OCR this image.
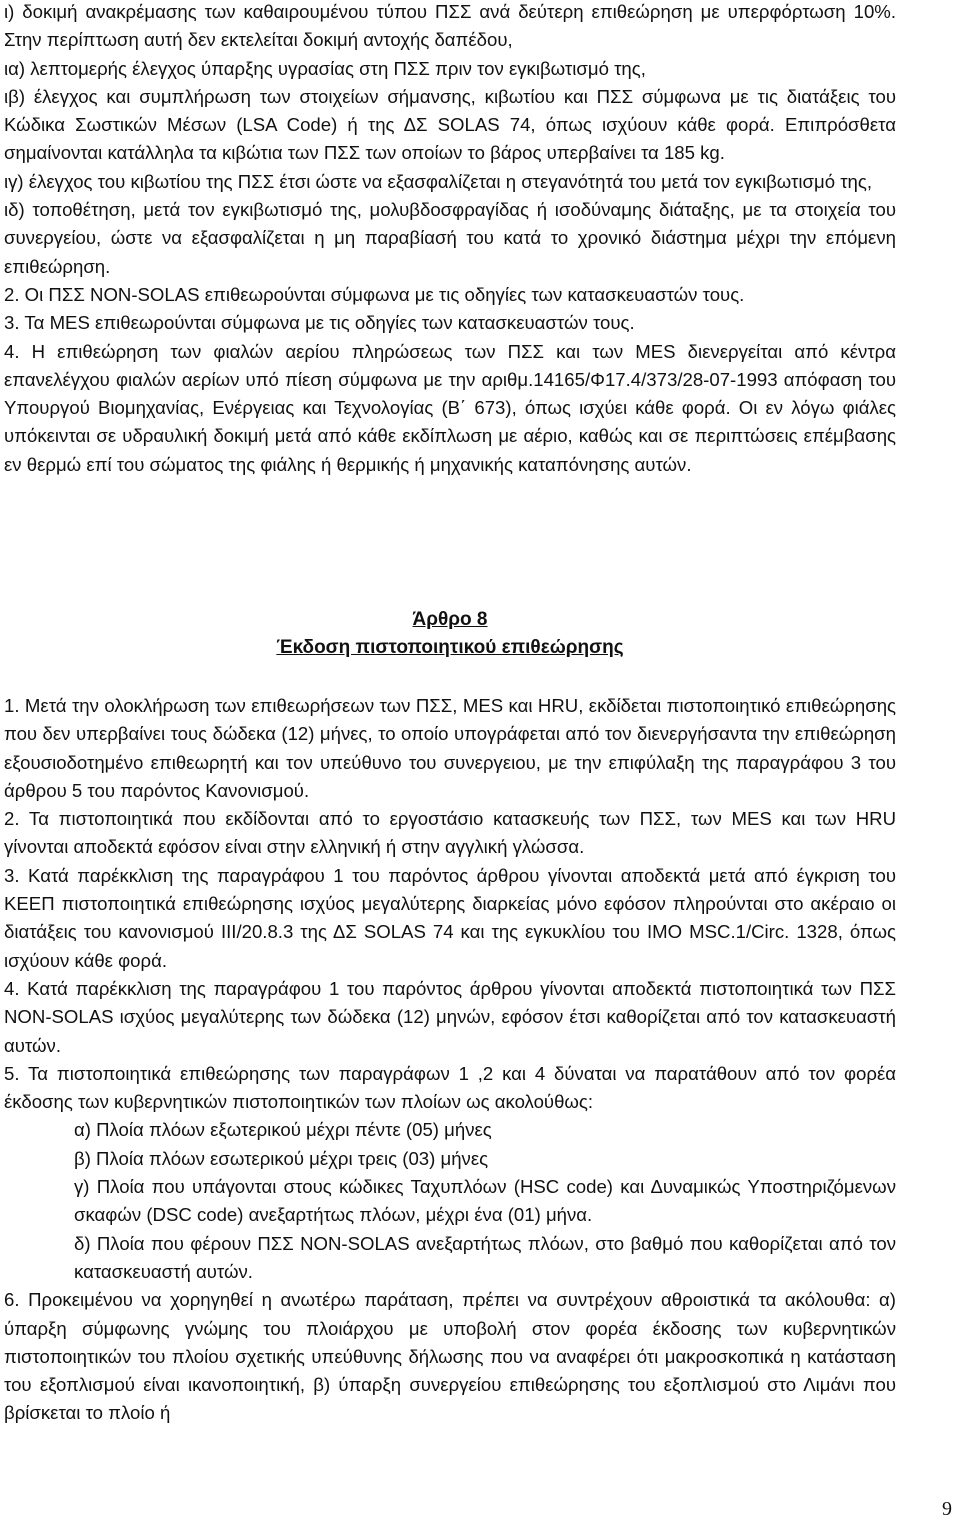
ι) δοκιμή ανακρέμασης των καθαιρουμένου τύπου ΠΣΣ ανά δεύτερη επιθεώρηση με υπερφόρτωση 10%. Στην περίπτωση αυτή δεν εκτελείται δοκιμή αντοχής δαπέδου,

ια) λεπτομερής έλεγχος ύπαρξης υγρασίας στη ΠΣΣ πριν τον εγκιβωτισμό της,

ιβ) έλεγχος και συμπλήρωση των στοιχείων σήμανσης, κιβωτίου και ΠΣΣ σύμφωνα με τις διατάξεις του Κώδικα Σωστικών Μέσων (LSA Code) ή της ΔΣ SOLAS 74, όπως ισχύουν κάθε φορά. Επιπρόσθετα σημαίνονται κατάλληλα τα κιβώτια των ΠΣΣ των οποίων το βάρος υπερβαίνει τα 185 kg.

ιγ) έλεγχος του κιβωτίου της ΠΣΣ έτσι ώστε να εξασφαλίζεται η στεγανότητά του μετά τον εγκιβωτισμό της,

ιδ) τοποθέτηση, μετά τον εγκιβωτισμό της, μολυβδοσφραγίδας ή ισοδύναμης διάταξης, με τα στοιχεία του συνεργείου, ώστε να εξασφαλίζεται η μη παραβίασή του κατά το χρονικό διάστημα μέχρι την επόμενη επιθεώρηση.

2. Οι ΠΣΣ NON-SOLAS επιθεωρούνται σύμφωνα με τις οδηγίες των κατασκευαστών τους.

3. Τα MES επιθεωρούνται σύμφωνα με τις οδηγίες των κατασκευαστών τους.

4. Η επιθεώρηση των φιαλών αερίου πληρώσεως των ΠΣΣ και των MES διενεργείται από κέντρα επανελέγχου φιαλών αερίων υπό πίεση σύμφωνα με την αριθμ.14165/Φ17.4/373/28-07-1993 απόφαση του Υπουργού Βιομηχανίας, Ενέργειας και Τεχνολογίας (Β΄ 673), όπως ισχύει κάθε φορά. Οι εν λόγω φιάλες υπόκεινται σε υδραυλική δοκιμή μετά από κάθε εκδίπλωση με αέριο, καθώς και σε περιπτώσεις επέμβασης εν θερμώ επί του σώματος της φιάλης ή θερμικής ή μηχανικής καταπόνησης αυτών.

Άρθρο 8

Έκδοση πιστοποιητικού επιθεώρησης

1. Μετά την ολοκλήρωση των επιθεωρήσεων των ΠΣΣ, MES και HRU, εκδίδεται πιστοποιητικό επιθεώρησης που δεν υπερβαίνει τους δώδεκα (12) μήνες, το οποίο υπογράφεται από τον διενεργήσαντα την επιθεώρηση εξουσιοδοτημένο επιθεωρητή και τον υπεύθυνο του συνεργειου, με την επιφύλαξη της παραγράφου 3 του άρθρου 5 του παρόντος Κανονισμού.

2. Τα πιστοποιητικά που εκδίδονται από το εργοστάσιο κατασκευής των ΠΣΣ, των MES και των HRU γίνονται αποδεκτά εφόσον είναι στην ελληνική ή στην αγγλική γλώσσα.

3. Κατά παρέκκλιση της παραγράφου 1 του παρόντος άρθρου γίνονται αποδεκτά μετά από έγκριση του ΚΕΕΠ πιστοποιητικά επιθεώρησης ισχύος μεγαλύτερης διαρκείας μόνο εφόσον πληρούνται στο ακέραιο οι διατάξεις του κανονισμού ΙΙΙ/20.8.3 της ΔΣ SOLAS 74 και της εγκυκλίου του IMO MSC.1/Circ. 1328, όπως ισχύουν κάθε φορά.

4. Κατά παρέκκλιση της παραγράφου 1 του παρόντος άρθρου γίνονται αποδεκτά πιστοποιητικά των ΠΣΣ NON-SOLAS ισχύος μεγαλύτερης των δώδεκα (12) μηνών, εφόσον έτσι καθορίζεται από τον κατασκευαστή αυτών.

5. Τα πιστοποιητικά επιθεώρησης των παραγράφων 1 ,2 και 4 δύναται να παρατάθουν από τον φορέα έκδοσης των κυβερνητικών πιστοποιητικών των πλοίων ως ακολούθως:

α) Πλοία πλόων εξωτερικού μέχρι πέντε (05) μήνες

β) Πλοία πλόων εσωτερικού μέχρι τρεις (03) μήνες

γ) Πλοία που υπάγονται στους κώδικες Ταχυπλόων (HSC code) και Δυναμικώς Υποστηριζόμενων σκαφών (DSC code) ανεξαρτήτως πλόων, μέχρι ένα (01) μήνα.

δ) Πλοία που φέρουν ΠΣΣ NON-SOLAS ανεξαρτήτως πλόων, στο βαθμό που καθορίζεται από τον κατασκευαστή αυτών.

6. Προκειμένου να χορηγηθεί η ανωτέρω παράταση, πρέπει να συντρέχουν αθροιστικά τα ακόλουθα: α) ύπαρξη σύμφωνης γνώμης του πλοιάρχου με υποβολή στον φορέα έκδοσης των κυβερνητικών πιστοποιητικών του πλοίου σχετικής υπεύθυνης δήλωσης που να αναφέρει ότι μακροσκοπικά η κατάσταση του εξοπλισμού είναι ικανοποιητική, β) ύπαρξη συνεργείου επιθεώρησης του εξοπλισμού στο Λιμάνι που βρίσκεται το πλοίο ή

9
